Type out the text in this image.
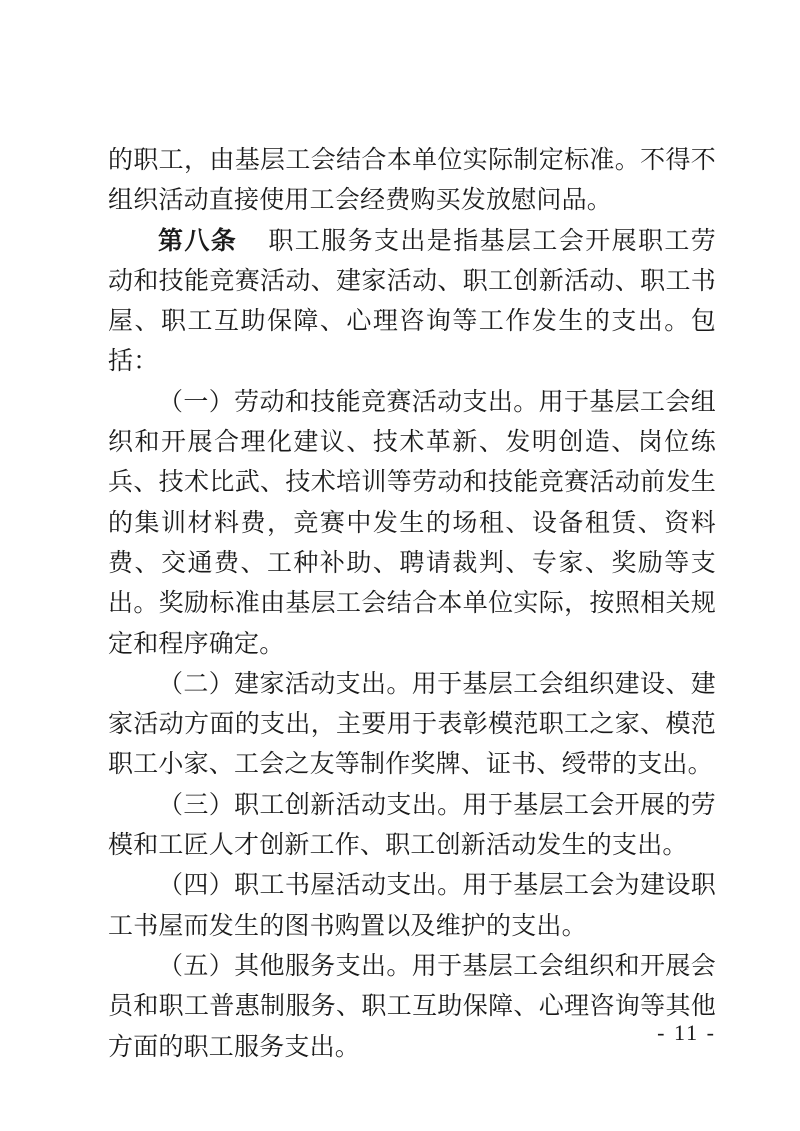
的职工，由基层工会结合本单位实际制定标准。不得不组织活动直接使用工会经费购买发放慰问品。

第八条 职工服务支出是指基层工会开展职工劳动和技能竞赛活动、建家活动、职工创新活动、职工书屋、职工互助保障、心理咨询等工作发生的支出。包括：

（一）劳动和技能竞赛活动支出。用于基层工会组织和开展合理化建议、技术革新、发明创造、岗位练兵、技术比武、技术培训等劳动和技能竞赛活动前发生的集训材料费，竞赛中发生的场租、设备租赁、资料费、交通费、工种补助、聘请裁判、专家、奖励等支出。奖励标准由基层工会结合本单位实际，按照相关规定和程序确定。

（二）建家活动支出。用于基层工会组织建设、建家活动方面的支出，主要用于表彰模范职工之家、模范职工小家、工会之友等制作奖牌、证书、绶带的支出。

（三）职工创新活动支出。用于基层工会开展的劳模和工匠人才创新工作、职工创新活动发生的支出。

（四）职工书屋活动支出。用于基层工会为建设职工书屋而发生的图书购置以及维护的支出。

（五）其他服务支出。用于基层工会组织和开展会员和职工普惠制服务、职工互助保障、心理咨询等其他方面的职工服务支出。	- 11 -
